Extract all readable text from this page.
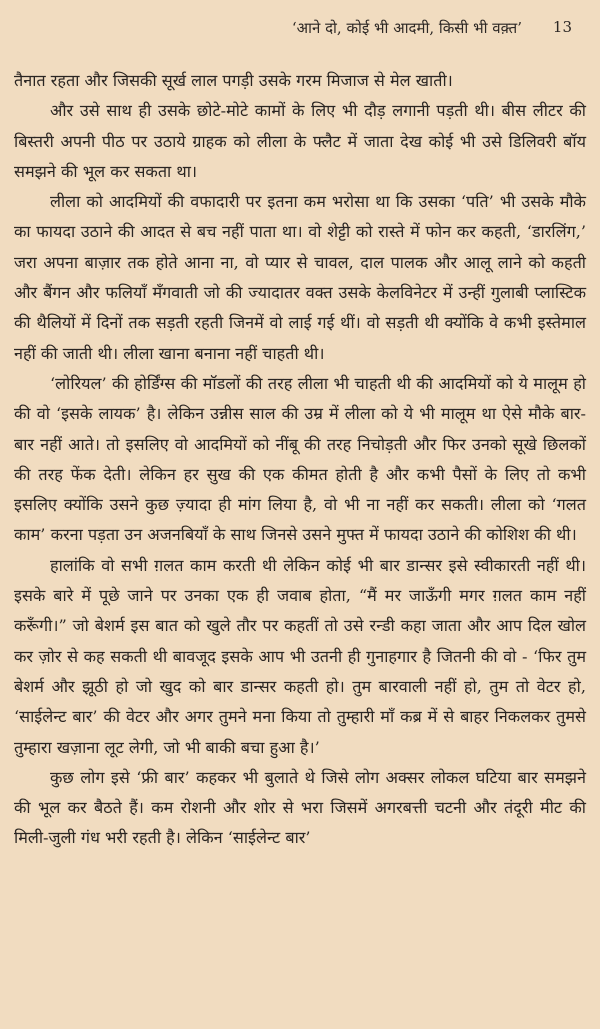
‘आने दो, कोई भी आदमी, किसी भी वक़्त’ 13

तैनात रहता और जिसकी सूर्ख लाल पगड़ी उसके गरम मिजाज से मेल खाती।

और उसे साथ ही उसके छोटे-मोटे कामों के लिए भी दौड़ लगानी पड़ती थी। बीस लीटर की बिस्तरी अपनी पीठ पर उठाये ग्राहक को लीला के फ्लैट में जाता देख कोई भी उसे डिलिवरी बॉय समझने की भूल कर सकता था।

लीला को आदमियों की वफादारी पर इतना कम भरोसा था कि उसका ‘पति’ भी उसके मौके का फायदा उठाने की आदत से बच नहीं पाता था। वो शेट्टी को रास्ते में फोन कर कहती, ‘डारलिंग,’ जरा अपना बाज़ार तक होते आना ना, वो प्यार से चावल, दाल पालक और आलू लाने को कहती और बैंगन और फलियाँ मँगवाती जो की ज्यादातर वक्त उसके केलविनेटर में उन्हीं गुलाबी प्लास्टिक की थैलियों में दिनों तक सड़ती रहती जिनमें वो लाई गई थीं। वो सड़ती थी क्योंकि वे कभी इस्तेमाल नहीं की जाती थी। लीला खाना बनाना नहीं चाहती थी।

‘लोरियल’ की होर्डिंग्स की मॉडलों की तरह लीला भी चाहती थी की आदमियों को ये मालूम हो की वो ‘इसके लायक’ है। लेकिन उन्नीस साल की उम्र में लीला को ये भी मालूम था ऐसे मौके बार-बार नहीं आते। तो इसलिए वो आदमियों को नींबू की तरह निचोड़ती और फिर उनको सूखे छिलकों की तरह फेंक देती। लेकिन हर सुख की एक कीमत होती है और कभी पैसों के लिए तो कभी इसलिए क्योंकि उसने कुछ ज़्यादा ही मांग लिया है, वो भी ना नहीं कर सकती। लीला को ‘गलत काम’ करना पड़ता उन अजनबियाँ के साथ जिनसे उसने मुफ्त में फायदा उठाने की कोशिश की थी।

हालांकि वो सभी ग़लत काम करती थी लेकिन कोई भी बार डान्सर इसे स्वीकारती नहीं थी। इसके बारे में पूछे जाने पर उनका एक ही जवाब होता, “मैं मर जाऊँगी मगर ग़लत काम नहीं करूँगी।” जो बेशर्म इस बात को खुले तौर पर कहतीं तो उसे रन्डी कहा जाता और आप दिल खोल कर ज़ोर से कह सकती थी बावजूद इसके आप भी उतनी ही गुनाहगार है जितनी की वो - ‘फिर तुम बेशर्म और झूठी हो जो खुद को बार डान्सर कहती हो। तुम बारवाली नहीं हो, तुम तो वेटर हो, ‘साईलेन्ट बार’ की वेटर और अगर तुमने मना किया तो तुम्हारी माँ कब्र में से बाहर निकलकर तुमसे तुम्हारा खज़ाना लूट लेगी, जो भी बाकी बचा हुआ है।’

कुछ लोग इसे ‘फ्री बार’ कहकर भी बुलाते थे जिसे लोग अक्सर लोकल घटिया बार समझने की भूल कर बैठते हैं। कम रोशनी और शोर से भरा जिसमें अगरबत्ती चटनी और तंदूरी मीट की मिली-जुली गंध भरी रहती है। लेकिन ‘साईलेन्ट बार’
